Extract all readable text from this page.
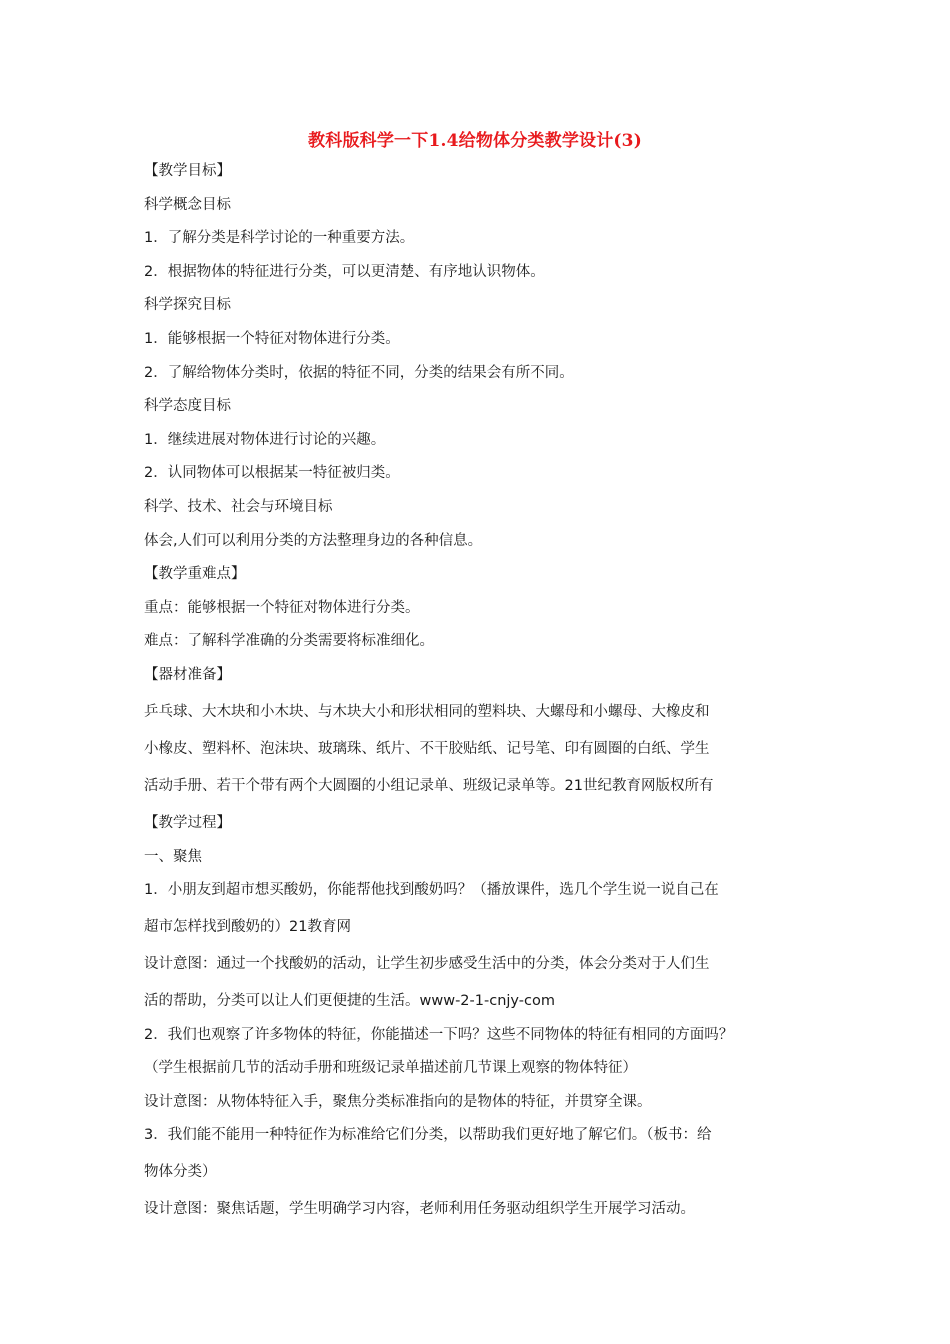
教科版科学一下1.4给物体分类教学设计(3)
【教学目标】
科学概念目标
1．了解分类是科学讨论的一种重要方法。
2．根据物体的特征进行分类，可以更清楚、有序地认识物体。
科学探究目标
1．能够根据一个特征对物体进行分类。
2．了解给物体分类时，依据的特征不同，分类的结果会有所不同。
科学态度目标
1．继续进展对物体进行讨论的兴趣。
2．认同物体可以根据某一特征被归类。
科学、技术、社会与环境目标
体会,人们可以利用分类的方法整理身边的各种信息。
【教学重难点】
重点：能够根据一个特征对物体进行分类。
难点：了解科学准确的分类需要将标准细化。
【器材准备】
乒乓球、大木块和小木块、与木块大小和形状相同的塑料块、大螺母和小螺母、大橡皮和
小橡皮、塑料杯、泡沫块、玻璃珠、纸片、不干胶贴纸、记号笔、印有圆圈的白纸、学生
活动手册、若干个带有两个大圆圈的小组记录单、班级记录单等。21世纪教育网版权所有
【教学过程】
一、聚焦
1．小朋友到超市想买酸奶，你能帮他找到酸奶吗？（播放课件，选几个学生说一说自己在
超市怎样找到酸奶的）21教育网
设计意图：通过一个找酸奶的活动，让学生初步感受生活中的分类，体会分类对于人们生
活的帮助，分类可以让人们更便捷的生活。www-2-1-cnjy-com
2．我们也观察了许多物体的特征，你能描述一下吗？这些不同物体的特征有相同的方面吗？
（学生根据前几节的活动手册和班级记录单描述前几节课上观察的物体特征）
设计意图：从物体特征入手，聚焦分类标准指向的是物体的特征，并贯穿全课。
3．我们能不能用一种特征作为标准给它们分类，以帮助我们更好地了解它们。（板书：给
物体分类）
设计意图：聚焦话题，学生明确学习内容，老师利用任务驱动组织学生开展学习活动。
